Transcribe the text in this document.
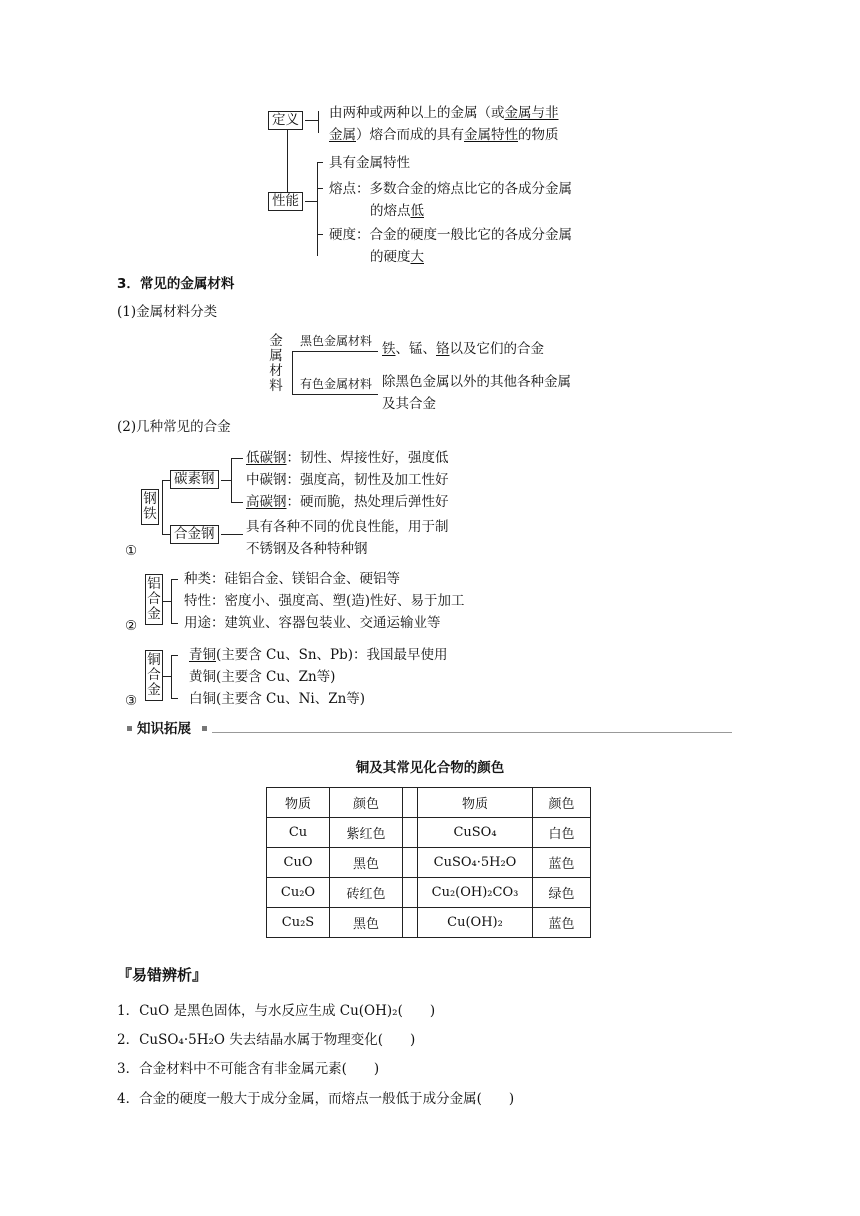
定义
性能
由两种或两种以上的金属（或金属与非
金属）熔合而成的具有金属特性的物质
具有金属特性
熔点：多数合金的熔点比它的各成分金属
的熔点低
硬度：合金的硬度一般比它的各成分金属
的硬度大
3．常见的金属材料
(1)金属材料分类
金
属
材
料
黑色金属材料
有色金属材料
铁、锰、铬以及它们的合金
除黑色金属以外的其他各种金属
及其合金
(2)几种常见的合金
钢
铁
碳素钢
合金钢
低碳钢：韧性、焊接性好，强度低
中碳钢：强度高，韧性及加工性好
高碳钢：硬而脆，热处理后弹性好
具有各种不同的优良性能，用于制
不锈钢及各种特种钢
①
铝
合
金
种类：硅铝合金、镁铝合金、硬铝等
特性：密度小、强度高、塑(造)性好、易于加工
用途：建筑业、容器包装业、交通运输业等
②
铜
合
金
青铜(主要含 Cu、Sn、Pb)：我国最早使用
黄铜(主要含 Cu、Zn等)
白铜(主要含 Cu、Ni、Zn等)
③
知识拓展
铜及其常见化合物的颜色
物质	颜色		物质	颜色
Cu	紫红色		CuSO₄	白色
CuO	黑色		CuSO₄·5H₂O	蓝色
Cu₂O	砖红色		Cu₂(OH)₂CO₃	绿色
Cu₂S	黑色		Cu(OH)₂	蓝色
『易错辨析』
1．CuO 是黑色固体，与水反应生成 Cu(OH)₂(　　)
2．CuSO₄·5H₂O 失去结晶水属于物理变化(　　)
3．合金材料中不可能含有非金属元素(　　)
4．合金的硬度一般大于成分金属，而熔点一般低于成分金属(　　)
